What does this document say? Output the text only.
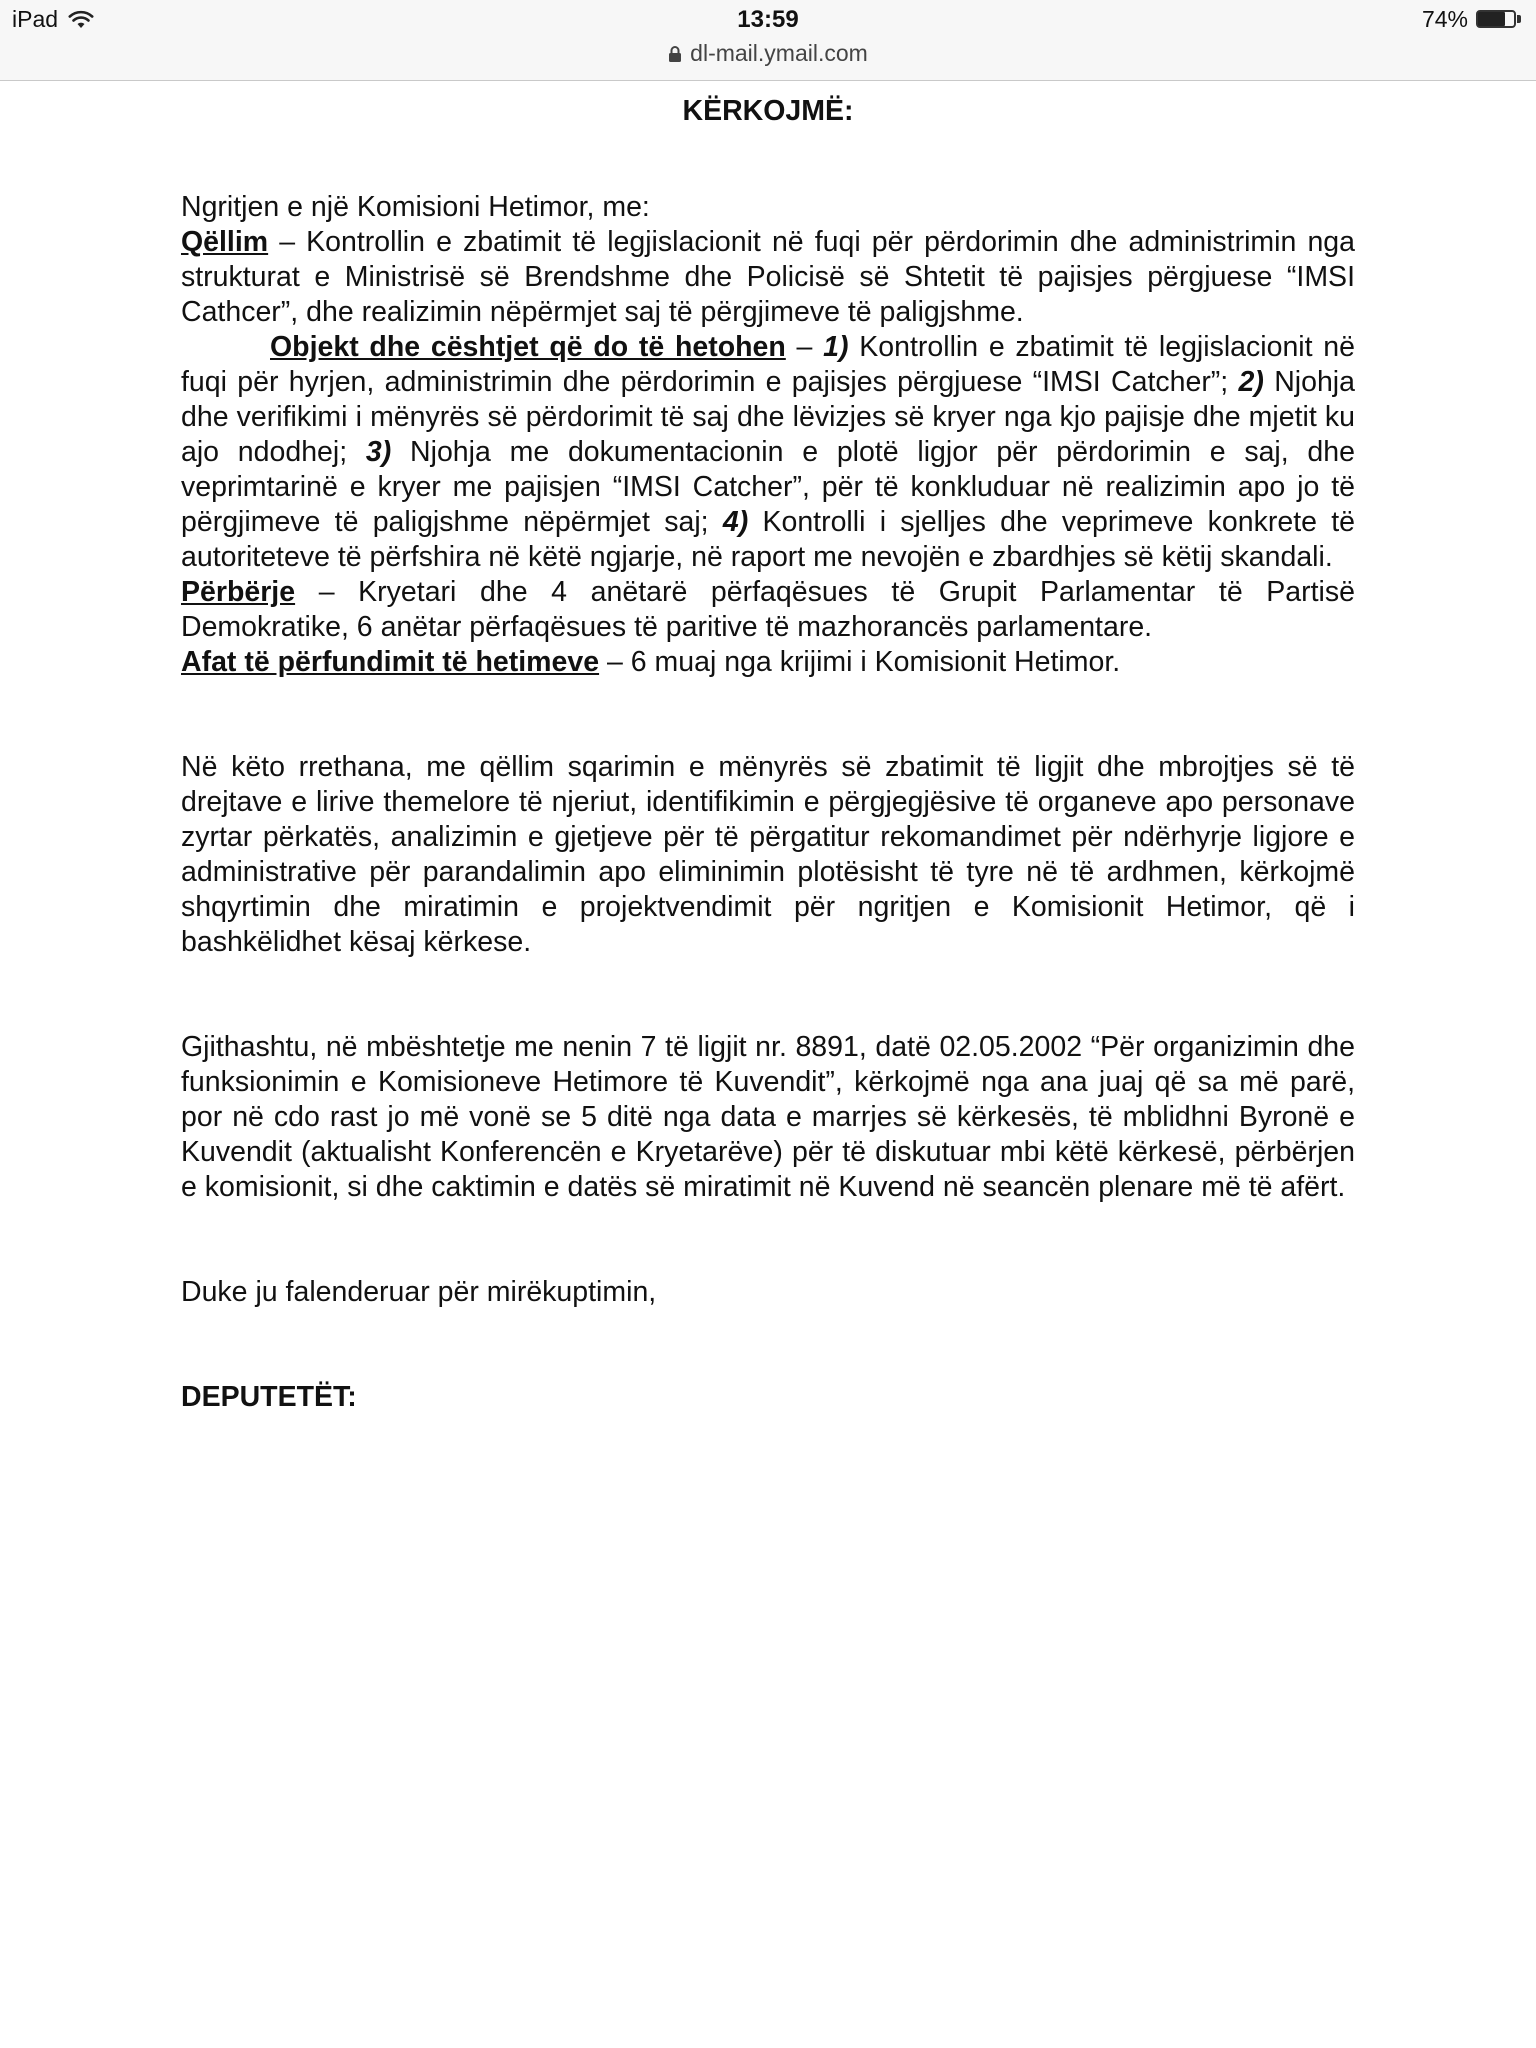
iPad	13:59	74%
dl-mail.ymail.com

KËRKOJMË:

Ngritjen e një Komisioni Hetimor, me:

Qëllim – Kontrollin e zbatimit të legjislacionit në fuqi për përdorimin dhe administrimin nga strukturat e Ministrisë së Brendshme dhe Policisë së Shtetit të pajisjes përgjuese “IMSI Cathcer”, dhe realizimin nëpërmjet saj të përgjimeve të paligjshme.

Objekt dhe cështjet që do të hetohen – 1) Kontrollin e zbatimit të legjislacionit në fuqi për hyrjen, administrimin dhe përdorimin e pajisjes përgjuese “IMSI Catcher”; 2) Njohja dhe verifikimi i mënyrës së përdorimit të saj dhe lëvizjes së kryer nga kjo pajisje dhe mjetit ku ajo ndodhej; 3) Njohja me dokumentacionin e plotë ligjor për përdorimin e saj, dhe veprimtarinë e kryer me pajisjen “IMSI Catcher”, për të konkluduar në realizimin apo jo të përgjimeve të paligjshme nëpërmjet saj; 4) Kontrolli i sjelljes dhe veprimeve konkrete të autoriteteve të përfshira në këtë ngjarje, në raport me nevojën e zbardhjes së këtij skandali.

Përbërje – Kryetari dhe 4 anëtarë përfaqësues të Grupit Parlamentar të Partisë Demokratike, 6 anëtar përfaqësues të paritive të mazhorancës parlamentare.

Afat të përfundimit të hetimeve – 6 muaj nga krijimi i Komisionit Hetimor.

Në këto rrethana, me qëllim sqarimin e mënyrës së zbatimit të ligjit dhe mbrojtjes së të drejtave e lirive themelore të njeriut, identifikimin e përgjegjësive të organeve apo personave zyrtar përkatës, analizimin e gjetjeve për të përgatitur rekomandimet për ndërhyrje ligjore e administrative për parandalimin apo eliminimin plotësisht të tyre në të ardhmen, kërkojmë shqyrtimin dhe miratimin e projektvendimit për ngritjen e Komisionit Hetimor, që i bashkëlidhet kësaj kërkese.

Gjithashtu, në mbështetje me nenin 7 të ligjit nr. 8891, datë 02.05.2002 “Për organizimin dhe funksionimin e Komisioneve Hetimore të Kuvendit”, kërkojmë nga ana juaj që sa më parë, por në cdo rast jo më vonë se 5 ditë nga data e marrjes së kërkesës, të mblidhni Byronë e Kuvendit (aktualisht Konferencën e Kryetarëve) për të diskutuar mbi këtë kërkesë, përbërjen e komisionit, si dhe caktimin e datës së miratimit në Kuvend në seancën plenare më të afërt.

Duke ju falenderuar për mirëkuptimin,

DEPUTETËT:
